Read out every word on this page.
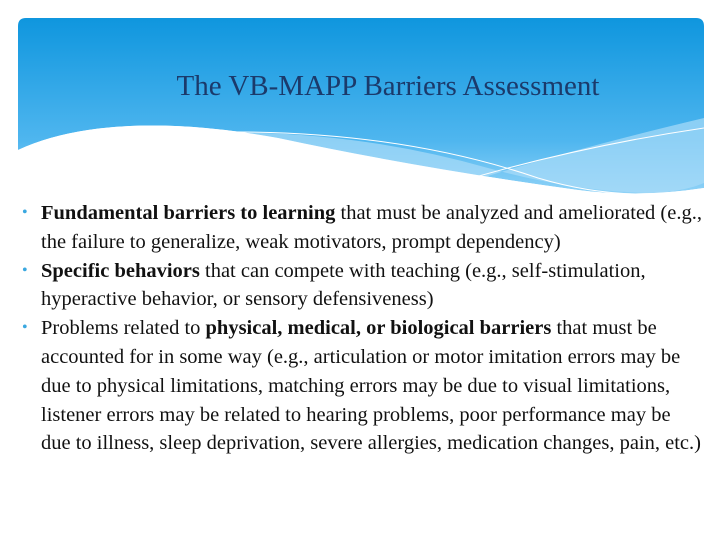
The VB-MAPP Barriers Assessment
• Fundamental barriers to learning that must be analyzed and ameliorated (e.g., the failure to generalize, weak motivators, prompt dependency)
• Specific behaviors that can compete with teaching (e.g., self-stimulation, hyperactive behavior, or sensory defensiveness)
• Problems related to physical, medical, or biological barriers that must be accounted for in some way (e.g., articulation or motor imitation errors may be due to physical limitations, matching errors may be due to visual limitations, listener errors may be related to hearing problems, poor performance may be due to illness, sleep deprivation, severe allergies, medication changes, pain, etc.)
